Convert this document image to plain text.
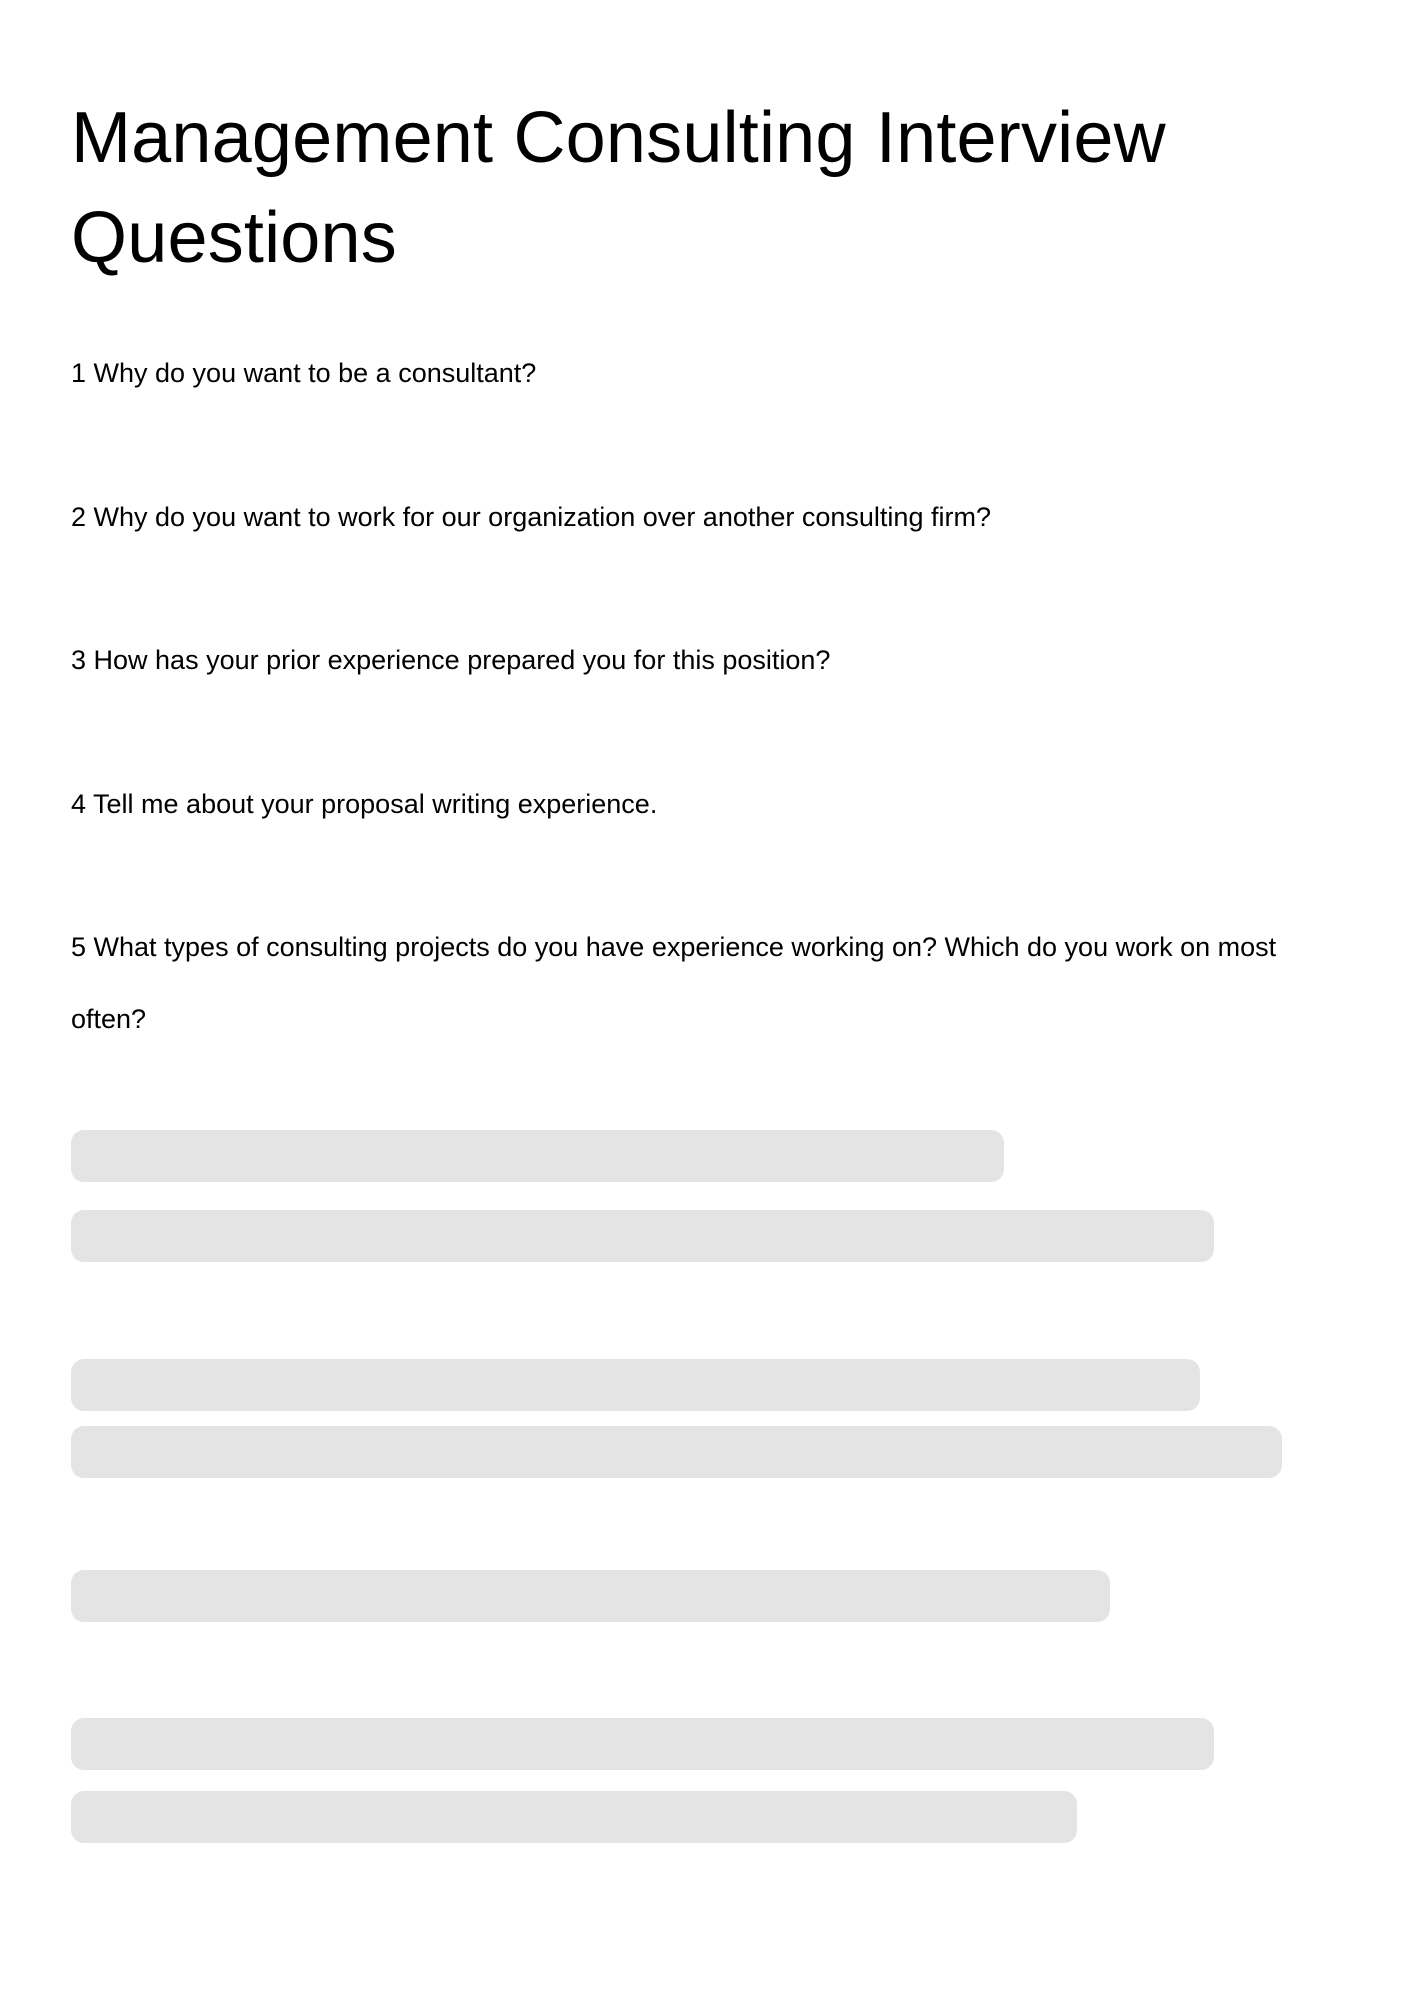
Management Consulting Interview Questions

1 Why do you want to be a consultant?

2 Why do you want to work for our organization over another consulting firm?

3 How has your prior experience prepared you for this position?

4 Tell me about your proposal writing experience.

5 What types of consulting projects do you have experience working on? Which do you work on most often?
